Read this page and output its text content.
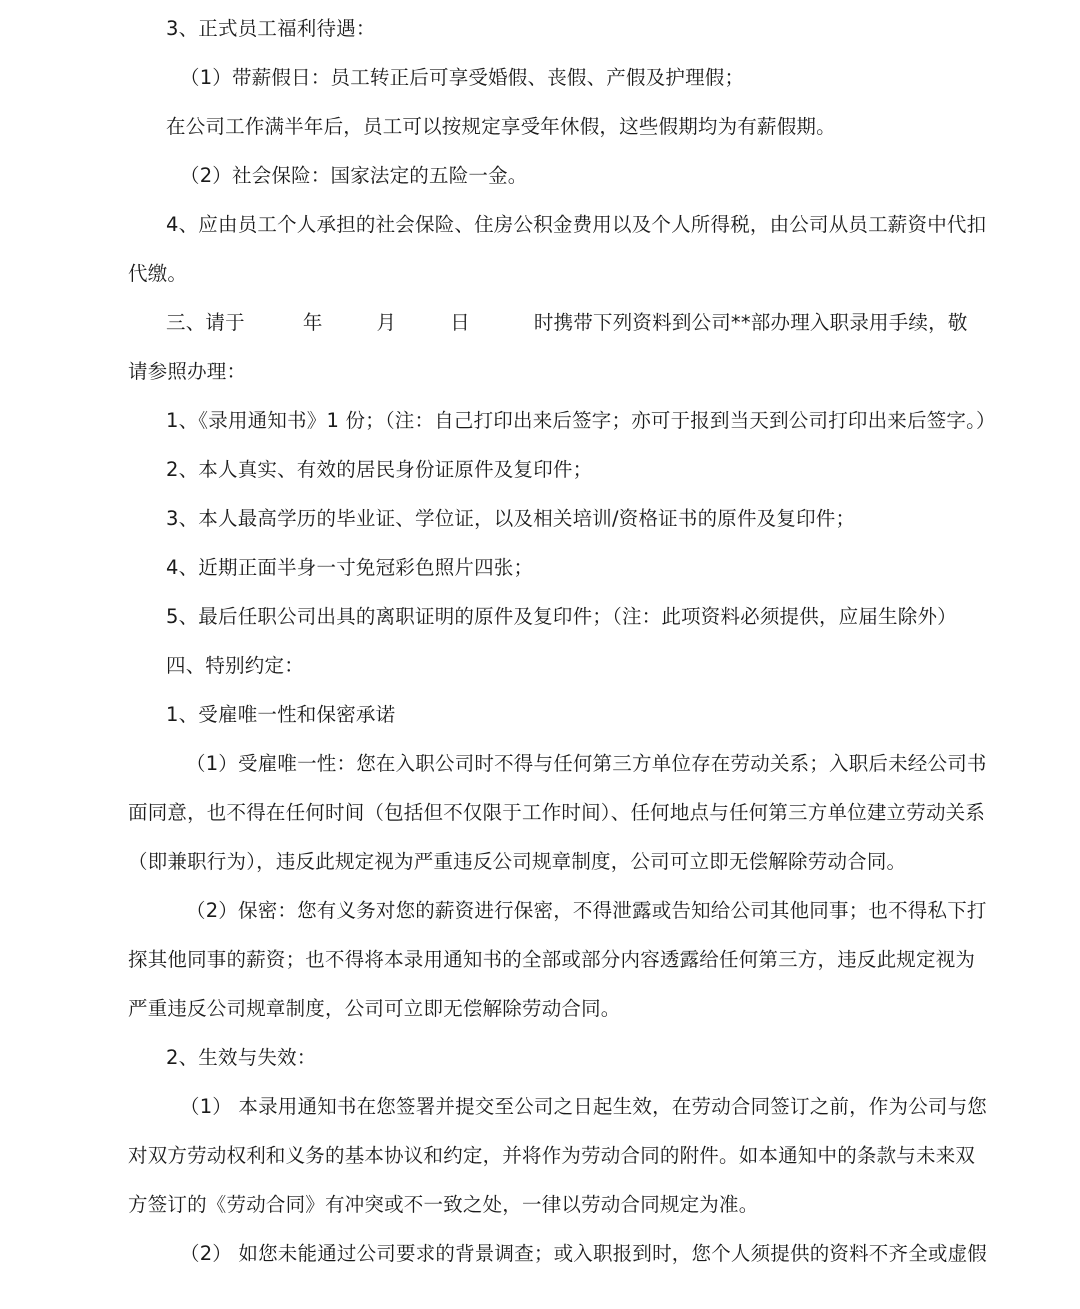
3、正式员工福利待遇：
（1）带薪假日：员工转正后可享受婚假、丧假、产假及护理假；
在公司工作满半年后，员工可以按规定享受年休假，这些假期均为有薪假期。
（2）社会保险：国家法定的五险一金。
4、应由员工个人承担的社会保险、住房公积金费用以及个人所得税，由公司从员工薪资中代扣
代缴。
三、请于	年	月	日	时携带下列资料到公司**部办理入职录用手续，敬
请参照办理：
1、《录用通知书》1 份；（注：自己打印出来后签字；亦可于报到当天到公司打印出来后签字。）
2、本人真实、有效的居民身份证原件及复印件；
3、本人最高学历的毕业证、学位证，以及相关培训/资格证书的原件及复印件；
4、近期正面半身一寸免冠彩色照片四张；
5、最后任职公司出具的离职证明的原件及复印件；（注：此项资料必须提供，应届生除外）
四、特别约定：
1、受雇唯一性和保密承诺
（1）受雇唯一性：您在入职公司时不得与任何第三方单位存在劳动关系；入职后未经公司书
面同意，也不得在任何时间（包括但不仅限于工作时间）、任何地点与任何第三方单位建立劳动关系
（即兼职行为），违反此规定视为严重违反公司规章制度，公司可立即无偿解除劳动合同。
（2）保密：您有义务对您的薪资进行保密，不得泄露或告知给公司其他同事；也不得私下打
探其他同事的薪资；也不得将本录用通知书的全部或部分内容透露给任何第三方，违反此规定视为
严重违反公司规章制度，公司可立即无偿解除劳动合同。
2、生效与失效：
（1） 本录用通知书在您签署并提交至公司之日起生效，在劳动合同签订之前，作为公司与您
对双方劳动权利和义务的基本协议和约定，并将作为劳动合同的附件。如本通知中的条款与未来双
方签订的《劳动合同》有冲突或不一致之处，一律以劳动合同规定为准。
（2） 如您未能通过公司要求的背景调查；或入职报到时，您个人须提供的资料不齐全或虚假
